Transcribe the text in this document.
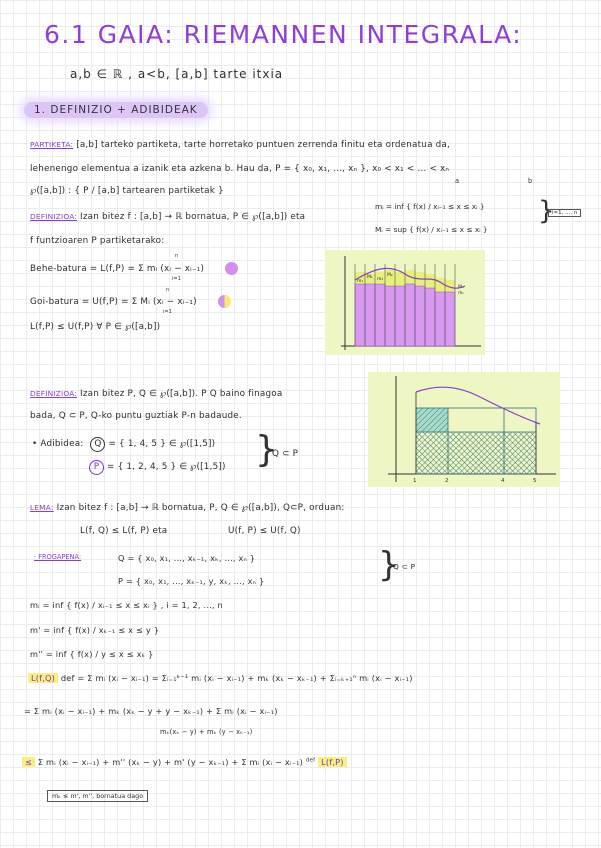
6.1 GAIA: RIEMANNEN INTEGRALA:
a,b ∈ ℝ , a<b, [a,b] tarte itxia
1. DEFINIZIO + ADIBIDEAK
PARTIKETA: [a,b] tarteko partiketa, tarte horretako puntuen zerrenda finitu eta ordenatua da,
lehenengo elementua a izanik eta azkena b. Hau da, P = { x₀, x₁, ..., xₙ }, x₀ < x₁ < ... < xₙ
a	b
℘([a,b]) : { P / [a,b] tartearen partiketak }
DEFINIZIOA: Izan bitez f : [a,b] → ℝ bornatua, P ∈ ℘([a,b]) eta
mᵢ = inf { f(x) / xᵢ₋₁ ≤ x ≤ xᵢ }
Mᵢ = sup { f(x) / xᵢ₋₁ ≤ x ≤ xᵢ }
}
i=1, ..., n
f funtzioaren P partiketarako:
Behe-batura = L(f,P) = Σ mᵢ (xᵢ − xᵢ₋₁)
n
i=1
Goi-batura = U(f,P) = Σ Mᵢ (xᵢ − xᵢ₋₁)
n
i=1
L(f,P) ≤ U(f,P) ∀ P ∈ ℘([a,b])
m₁
M₁ m₂
M₂
mₙ
Mₙ
DEFINIZIOA: Izan bitez P, Q ∈ ℘([a,b]). P Q baino finagoa
bada, Q ⊂ P, Q-ko puntu guztiak P-n badaude.
• Adibidea: Q = { 1, 4, 5 } ∈ ℘([1,5])
P = { 1, 2, 4, 5 } ∈ ℘([1,5]) }
Q ⊂ P
1	2	4	5
LEMA: Izan bitez f : [a,b] → ℝ bornatua, P, Q ∈ ℘([a,b]), Q⊂P, orduan:
L(f, Q) ≤ L(f, P) eta	U(f, P) ≤ U(f, Q)
· FROGAPENA:	Q = { x₀, x₁, ..., xₖ₋₁, xₖ, ..., xₙ }
P = { x₀, x₁, ..., xₖ₋₁, y, xₖ, ..., xₙ }	}
Q ⊂ P
mᵢ = inf { f(x) / xᵢ₋₁ ≤ x ≤ xᵢ } , i = 1, 2, ..., n
m' = inf { f(x) / xₖ₋₁ ≤ x ≤ y }
m'' = inf { f(x) / y ≤ x ≤ xₖ }
L(f,Q) def = Σ mᵢ (xᵢ − xᵢ₋₁) = Σᵢ₌₁ᵏ⁻¹ mᵢ (xᵢ − xᵢ₋₁) + mₖ (xₖ − xₖ₋₁) + Σᵢ₌ₖ₊₁ⁿ mᵢ (xᵢ − xᵢ₋₁)
= Σ mᵢ (xᵢ − xᵢ₋₁) + mₖ (xₖ − y + y − xₖ₋₁) + Σ mᵢ (xᵢ − xᵢ₋₁)
mₖ(xₖ − y) + mₖ (y − xₖ₋₁)
≤ Σ mᵢ (xᵢ − xᵢ₋₁) + m'' (xₖ − y) + m' (y − xₖ₋₁) + Σ mᵢ (xᵢ − xᵢ₋₁) $^{def}$ L(f,P)
mₖ ≤ m', m'', bornatua dago
